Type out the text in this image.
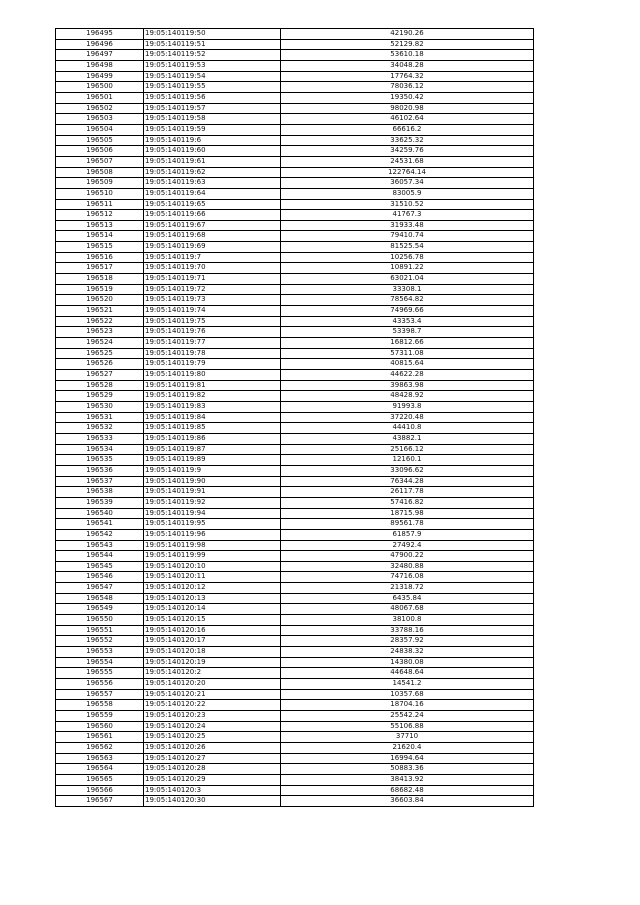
196495	19:05:140119:50	42190.26
196496	19:05:140119:51	52129.82
196497	19:05:140119:52	53610.18
196498	19:05:140119:53	34048.28
196499	19:05:140119:54	17764.32
196500	19:05:140119:55	78036.12
196501	19:05:140119:56	19350.42
196502	19:05:140119:57	98020.98
196503	19:05:140119:58	46102.64
196504	19:05:140119:59	66616.2
196505	19:05:140119:6	33625.32
196506	19:05:140119:60	34259.76
196507	19:05:140119:61	24531.68
196508	19:05:140119:62	122764.14
196509	19:05:140119:63	36057.34
196510	19:05:140119:64	83005.9
196511	19:05:140119:65	31510.52
196512	19:05:140119:66	41767.3
196513	19:05:140119:67	31933.48
196514	19:05:140119:68	79410.74
196515	19:05:140119:69	81525.54
196516	19:05:140119:7	10256.78
196517	19:05:140119:70	10891.22
196518	19:05:140119:71	63021.04
196519	19:05:140119:72	33308.1
196520	19:05:140119:73	78564.82
196521	19:05:140119:74	74969.66
196522	19:05:140119:75	43353.4
196523	19:05:140119:76	53398.7
196524	19:05:140119:77	16812.66
196525	19:05:140119:78	57311.08
196526	19:05:140119:79	40815.64
196527	19:05:140119:80	44622.28
196528	19:05:140119:81	39863.98
196529	19:05:140119:82	48428.92
196530	19:05:140119:83	91993.8
196531	19:05:140119:84	37220.48
196532	19:05:140119:85	44410.8
196533	19:05:140119:86	43882.1
196534	19:05:140119:87	25166.12
196535	19:05:140119:89	12160.1
196536	19:05:140119:9	33096.62
196537	19:05:140119:90	76344.28
196538	19:05:140119:91	26117.78
196539	19:05:140119:92	57416.82
196540	19:05:140119:94	18715.98
196541	19:05:140119:95	89561.78
196542	19:05:140119:96	61857.9
196543	19:05:140119:98	27492.4
196544	19:05:140119:99	47900.22
196545	19:05:140120:10	32480.88
196546	19:05:140120:11	74716.08
196547	19:05:140120:12	21318.72
196548	19:05:140120:13	6435.84
196549	19:05:140120:14	48067.68
196550	19:05:140120:15	38100.8
196551	19:05:140120:16	33788.16
196552	19:05:140120:17	28357.92
196553	19:05:140120:18	24838.32
196554	19:05:140120:19	14380.08
196555	19:05:140120:2	44648.64
196556	19:05:140120:20	14541.2
196557	19:05:140120:21	10357.68
196558	19:05:140120:22	18704.16
196559	19:05:140120:23	25542.24
196560	19:05:140120:24	55106.88
196561	19:05:140120:25	37710
196562	19:05:140120:26	21620.4
196563	19:05:140120:27	16994.64
196564	19:05:140120:28	50883.36
196565	19:05:140120:29	38413.92
196566	19:05:140120:3	68682.48
196567	19:05:140120:30	36603.84
